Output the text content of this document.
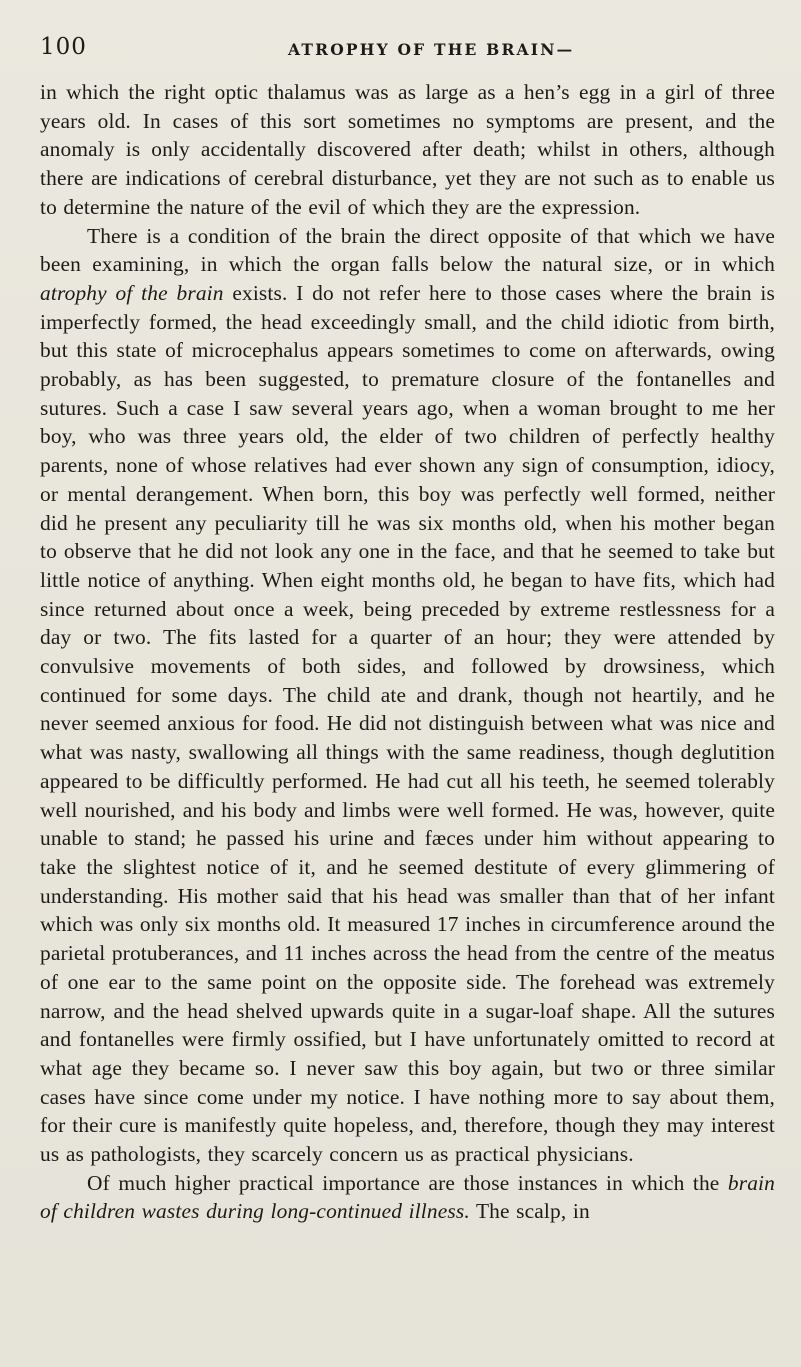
100	ATROPHY OF THE BRAIN—

in which the right optic thalamus was as large as a hen’s egg in a girl of three years old. In cases of this sort sometimes no symptoms are present, and the anomaly is only accidentally discovered after death; whilst in others, although there are indications of cerebral disturbance, yet they are not such as to enable us to determine the nature of the evil of which they are the expression.

There is a condition of the brain the direct opposite of that which we have been examining, in which the organ falls below the natural size, or in which atrophy of the brain exists. I do not refer here to those cases where the brain is imperfectly formed, the head exceedingly small, and the child idiotic from birth, but this state of microcephalus appears sometimes to come on afterwards, owing probably, as has been suggested, to premature closure of the fontanelles and sutures. Such a case I saw several years ago, when a woman brought to me her boy, who was three years old, the elder of two children of perfectly healthy parents, none of whose relatives had ever shown any sign of consumption, idiocy, or mental derangement. When born, this boy was perfectly well formed, neither did he present any peculiarity till he was six months old, when his mother began to observe that he did not look any one in the face, and that he seemed to take but little notice of anything. When eight months old, he began to have fits, which had since returned about once a week, being preceded by extreme restlessness for a day or two. The fits lasted for a quarter of an hour; they were attended by convulsive movements of both sides, and followed by drowsiness, which continued for some days. The child ate and drank, though not heartily, and he never seemed anxious for food. He did not distinguish between what was nice and what was nasty, swallowing all things with the same readiness, though deglutition appeared to be difficultly performed. He had cut all his teeth, he seemed tolerably well nourished, and his body and limbs were well formed. He was, however, quite unable to stand; he passed his urine and fæces under him without appearing to take the slightest notice of it, and he seemed destitute of every glimmering of understanding. His mother said that his head was smaller than that of her infant which was only six months old. It measured 17 inches in circumference around the parietal protuberances, and 11 inches across the head from the centre of the meatus of one ear to the same point on the opposite side. The forehead was extremely narrow, and the head shelved upwards quite in a sugar-loaf shape. All the sutures and fontanelles were firmly ossified, but I have unfortunately omitted to record at what age they became so. I never saw this boy again, but two or three similar cases have since come under my notice. I have nothing more to say about them, for their cure is manifestly quite hopeless, and, therefore, though they may interest us as pathologists, they scarcely concern us as practical physicians.

Of much higher practical importance are those instances in which the brain of children wastes during long-continued illness. The scalp, in
